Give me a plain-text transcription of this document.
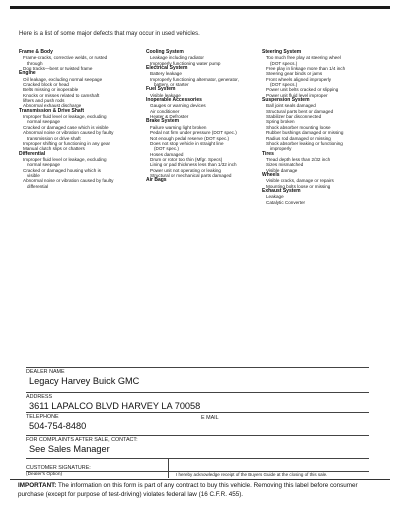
Here is a list of some major defects that may occur in used vehicles.
Frame & Body
Frame-cracks, corrective welds, or rusted
through
Dog tracks—bent or twisted frame
Engine
Oil leakage, excluding normal seepage
Cracked block or head
Belts missing or inoperable
Knocks or misses related to camshaft
lifters and push rods
Abnormal exhaust discharge
Transmission & Drive Shaft
Improper fluid level or leakage, excluding
normal seepage
Cracked or damaged case which is visible
Abnormal noise or vibration caused by faulty
transmission or drive shaft
Improper shifting or functioning in any gear
Manual clutch slips or chatters
Differential
Improper fluid level or leakage, excluding
normal seepage
Cracked or damaged housing which is
visible
Abnormal noise or vibration caused by faulty
differential
Cooling System
Leakage including radiator
Improperly functioning water pump
Electrical System
Battery leakage
Improperly functioning alternator, generator,
battery, or starter
Fuel System
Visible leakage
Inoperable Accessories
Gauges or warning devices
Air conditioner
Heater & Defroster
Brake System
Failure warning light broken
Pedal not firm under pressure (DOT spec.)
Not enough pedal reserve (DOT spec.)
Does not stop vehicle in straight line
(DOT spec.)
Hoses damaged
Drum or rotor too thin (Mfgr. Specs)
Lining or pad thickness less than 1/32 inch
Power unit not operating or leaking
Structural or mechanical parts damaged
Air Bags
Steering System
Too much free play at steering wheel
(DOT specs.)
Free play in linkage more than 1/4 inch
Steering gear binds or jams
Front wheels aligned improperly
(DOT specs.)
Power unit belts cracked or slipping
Power unit fluid level improper
Suspension System
Ball joint seals damaged
Structural parts bent or damaged
Stabilizer bar disconnected
Spring broken
Shock absorber mounting loose
Rubber bushings damaged or missing
Radius rod damaged or missing
Shock absorber leaking or functioning
improperly
Tires
Tread depth less than 2/32 inch
Sizes mismatched
Visible damage
Wheels
Visible cracks, damage or repairs
Mounting bolts loose or missing
Exhaust System
Leakage
Catalytic Converter
DEALER NAME
Legacy Harvey Buick GMC
ADDRESS
3611 LAPALCO BLVD HARVEY LA 70058
TELEPHONE	E MAIL
504-754-8480
FOR COMPLAINTS AFTER SALE, CONTACT:
See Sales Manager
CUSTOMER SIGNATURE:
(Dealer's Option)	I hereby acknowledge receipt of the Buyers Guide at the closing of this sale.
IMPORTANT: The information on this form is part of any contract to buy this vehicle. Removing this label before consumer purchase (except for purpose of test-driving) violates federal law (16 C.F.R. 455).
